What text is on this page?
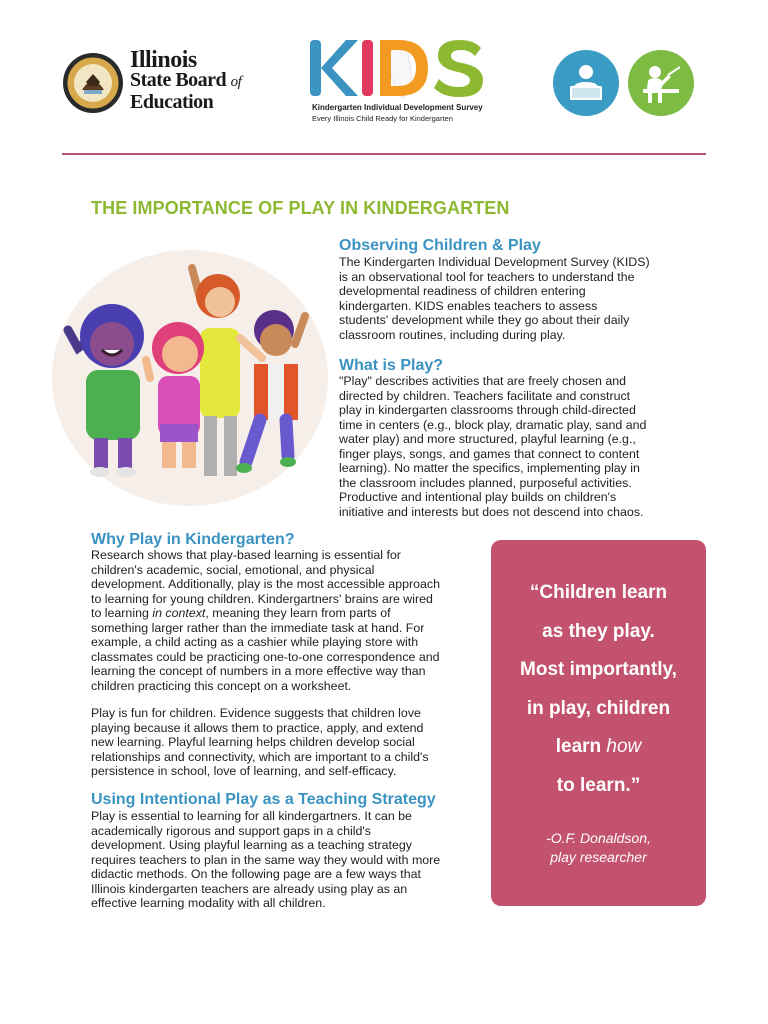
Illinois
State Board of
Education	Kindergarten Individual Development Survey
Every Illinois Child Ready for Kindergarten
THE IMPORTANCE OF PLAY IN KINDERGARTEN
Observing Children & Play
The Kindergarten Individual Development Survey (KIDS)
is an observational tool for teachers to understand the
developmental readiness of children entering
kindergarten. KIDS enables teachers to assess
students' development while they go about their daily
classroom routines, including during play.
What is Play?
"Play" describes activities that are freely chosen and
directed by children. Teachers facilitate and construct
play in kindergarten classrooms through child-directed
time in centers (e.g., block play, dramatic play, sand and
water play) and more structured, playful learning (e.g.,
finger plays, songs, and games that connect to content
learning). No matter the specifics, implementing play in
the classroom includes planned, purposeful activities.
Productive and intentional play builds on children's
initiative and interests but does not descend into chaos.
Why Play in Kindergarten?
Research shows that play-based learning is essential for
children's academic, social, emotional, and physical
development. Additionally, play is the most accessible approach
to learning for young children. Kindergartners' brains are wired
to learning in context, meaning they learn from parts of
something larger rather than the immediate task at hand. For
example, a child acting as a cashier while playing store with
classmates could be practicing one-to-one correspondence and
learning the concept of numbers in a more effective way than
children practicing this concept on a worksheet.
Play is fun for children. Evidence suggests that children love
playing because it allows them to practice, apply, and extend
new learning. Playful learning helps children develop social
relationships and connectivity, which are important to a child's
persistence in school, love of learning, and self-efficacy.
Using Intentional Play as a Teaching Strategy
Play is essential to learning for all kindergartners. It can be
academically rigorous and support gaps in a child's
development. Using playful learning as a teaching strategy
requires teachers to plan in the same way they would with more
didactic methods. On the following page are a few ways that
Illinois kindergarten teachers are already using play as an
effective learning modality with all children.
“Children learn
as they play.
Most importantly,
in play, children
learn how
to learn.”
-O.F. Donaldson,
play researcher
